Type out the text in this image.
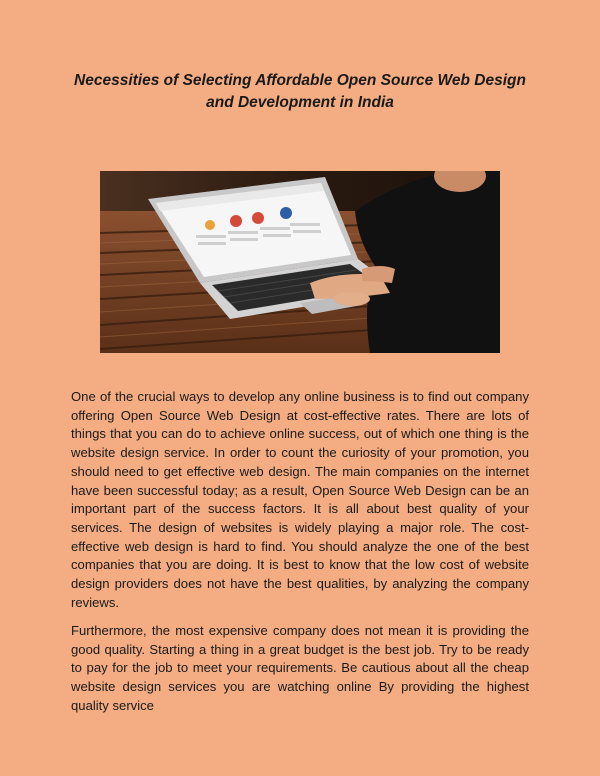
Necessities of Selecting Affordable Open Source Web Design and Development in India

One of the crucial ways to develop any online business is to find out company offering Open Source Web Design at cost-effective rates. There are lots of things that you can do to achieve online success, out of which one thing is the website design service. In order to count the curiosity of your promotion, you should need to get effective web design. The main companies on the internet have been successful today; as a result, Open Source Web Design can be an important part of the success factors. It is all about best quality of your services. The design of websites is widely playing a major role. The cost-effective web design is hard to find. You should analyze the one of the best companies that you are doing. It is best to know that the low cost of website design providers does not have the best qualities, by analyzing the company reviews.

Furthermore, the most expensive company does not mean it is providing the good quality. Starting a thing in a great budget is the best job. Try to be ready to pay for the job to meet your requirements. Be cautious about all the cheap website design services you are watching online By providing the highest quality service
